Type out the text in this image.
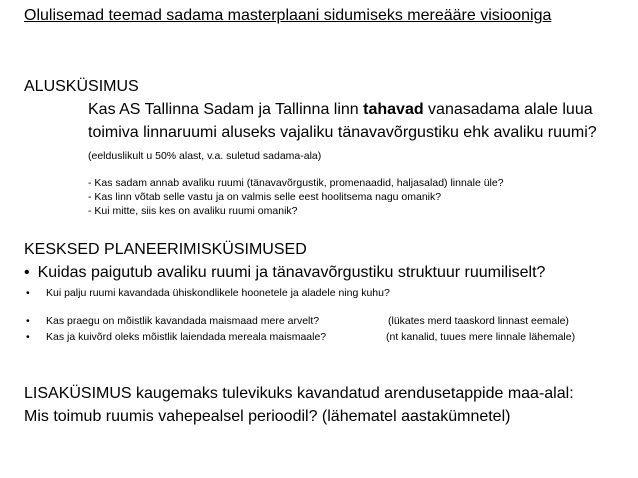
Olulisemad teemad sadama masterplaani sidumiseks mereääre visiooniga
ALUSKÜSIMUS
Kas AS Tallinna Sadam ja Tallinna linn tahavad vanasadama alale luua
toimiva linnaruumi aluseks vajaliku tänavavõrgustiku ehk avaliku ruumi?
(eelduslikult u 50% alast, v.a. suletud sadama-ala)
- Kas sadam annab avaliku ruumi (tänavavõrgustik, promenaadid, haljasalad) linnale üle?
- Kas linn võtab selle vastu ja on valmis selle eest hoolitsema nagu omanik?
- Kui mitte, siis kes on avaliku ruumi omanik?
KESKSED PLANEERIMISKÜSIMUSED
• Kuidas paigutub avaliku ruumi ja tänavavõrgustiku struktuur ruumiliselt?
• Kui palju ruumi kavandada ühiskondlikele hoonetele ja aladele ning kuhu?
• Kas praegu on mõistlik kavandada maismaad mere arvelt?	(lükates merd taaskord linnast eemale)
• Kas ja kuivõrd oleks mõistlik laiendada mereala maismaale?	(nt kanalid, tuues mere linnale lähemale)
LISAKÜSIMUS kaugemaks tulevikuks kavandatud arendusetappide maa-alal:
Mis toimub ruumis vahepealsel perioodil? (lähematel aastakümnetel)
